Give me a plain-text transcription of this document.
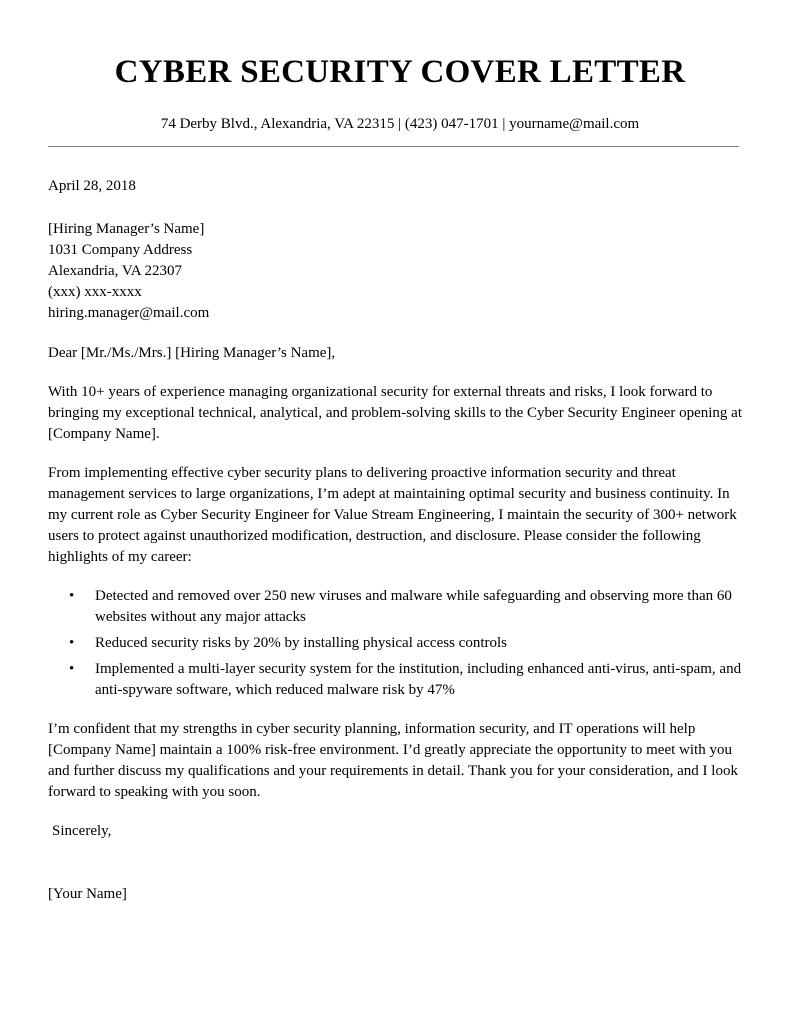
CYBER SECURITY COVER LETTER
74 Derby Blvd., Alexandria, VA 22315 | (423) 047-1701 | yourname@mail.com

April 28, 2018

[Hiring Manager’s Name]

1031 Company Address

Alexandria, VA 22307

(xxx) xxx-xxxx

hiring.manager@mail.com

Dear [Mr./Ms./Mrs.] [Hiring Manager’s Name],

With 10+ years of experience managing organizational security for external threats and risks, I look forward to bringing my exceptional technical, analytical, and problem-solving skills to the Cyber Security Engineer opening at [Company Name].

From implementing effective cyber security plans to delivering proactive information security and threat management services to large organizations, I’m adept at maintaining optimal security and business continuity. In my current role as Cyber Security Engineer for Value Stream Engineering, I maintain the security of 300+ network users to protect against unauthorized modification, destruction, and disclosure. Please consider the following highlights of my career:

• Detected and removed over 250 new viruses and malware while safeguarding and observing more than 60 websites without any major attacks
• Reduced security risks by 20% by installing physical access controls
• Implemented a multi-layer security system for the institution, including enhanced anti-virus, anti-spam, and anti-spyware software, which reduced malware risk by 47%

I’m confident that my strengths in cyber security planning, information security, and IT operations will help [Company Name] maintain a 100% risk-free environment. I’d greatly appreciate the opportunity to meet with you and further discuss my qualifications and your requirements in detail. Thank you for your consideration, and I look forward to speaking with you soon.

Sincerely,

[Your Name]
